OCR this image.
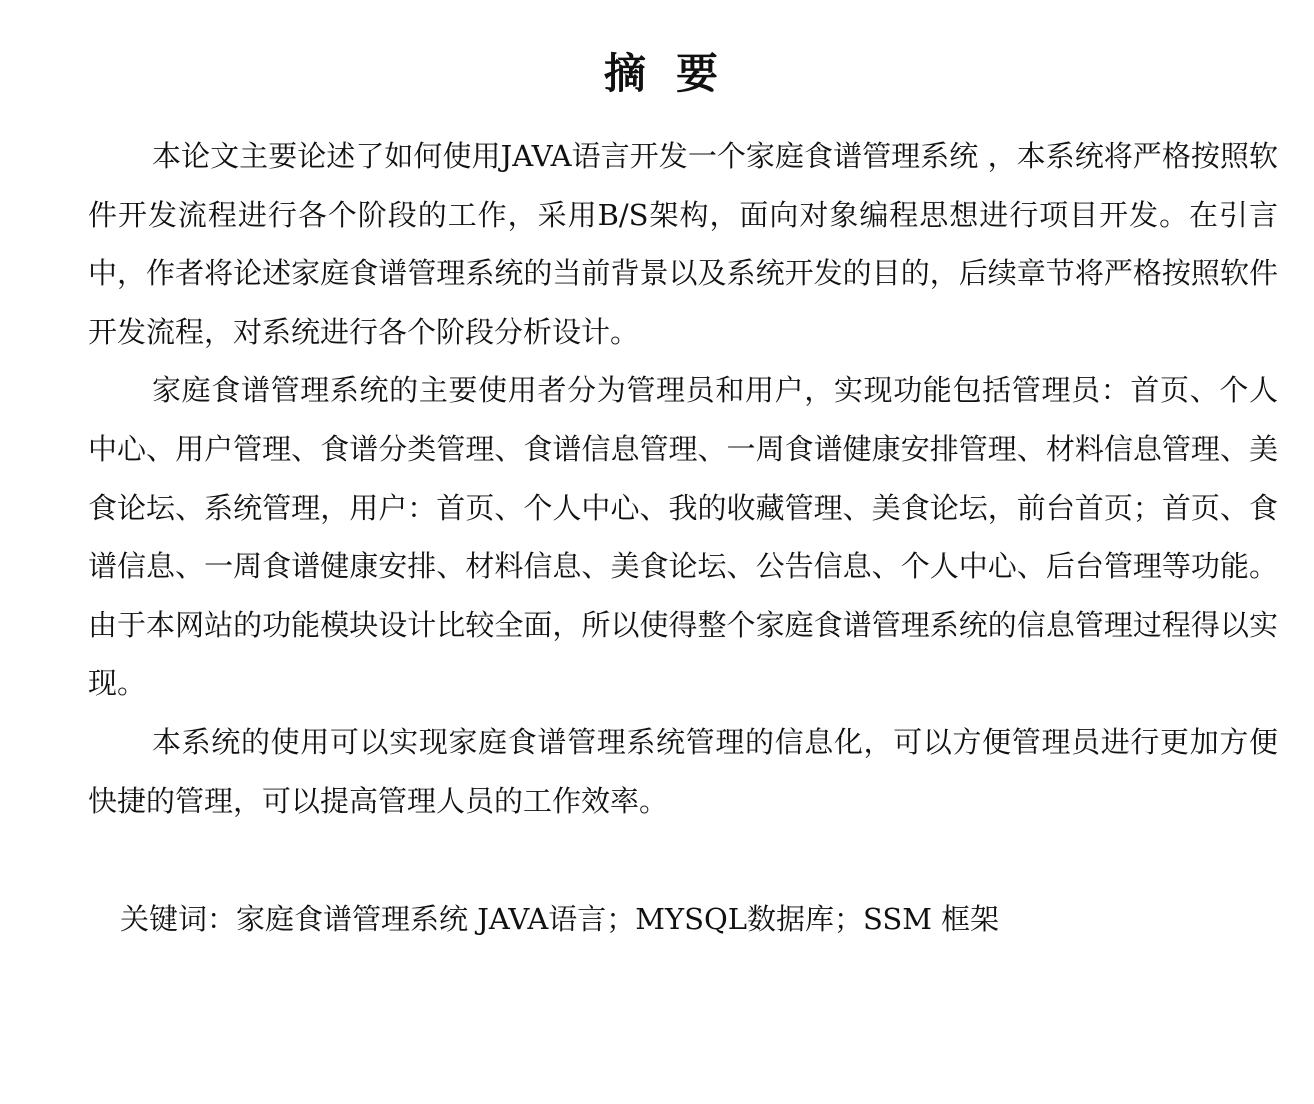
摘要

本论文主要论述了如何使用JAVA语言开发一个家庭食谱管理系统 ，本系统将严格按照软件开发流程进行各个阶段的工作，采用B/S架构，面向对象编程思想进行项目开发。在引言中，作者将论述家庭食谱管理系统的当前背景以及系统开发的目的，后续章节将严格按照软件开发流程，对系统进行各个阶段分析设计。

家庭食谱管理系统的主要使用者分为管理员和用户，实现功能包括管理员：首页、个人中心、用户管理、食谱分类管理、食谱信息管理、一周食谱健康安排管理、材料信息管理、美食论坛、系统管理，用户：首页、个人中心、我的收藏管理、美食论坛，前台首页；首页、食谱信息、一周食谱健康安排、材料信息、美食论坛、公告信息、个人中心、后台管理等功能。由于本网站的功能模块设计比较全面，所以使得整个家庭食谱管理系统的信息管理过程得以实现。

本系统的使用可以实现家庭食谱管理系统管理的信息化，可以方便管理员进行更加方便快捷的管理，可以提高管理人员的工作效率。

关键词：家庭食谱管理系统 JAVA语言；MYSQL数据库；SSM 框架
